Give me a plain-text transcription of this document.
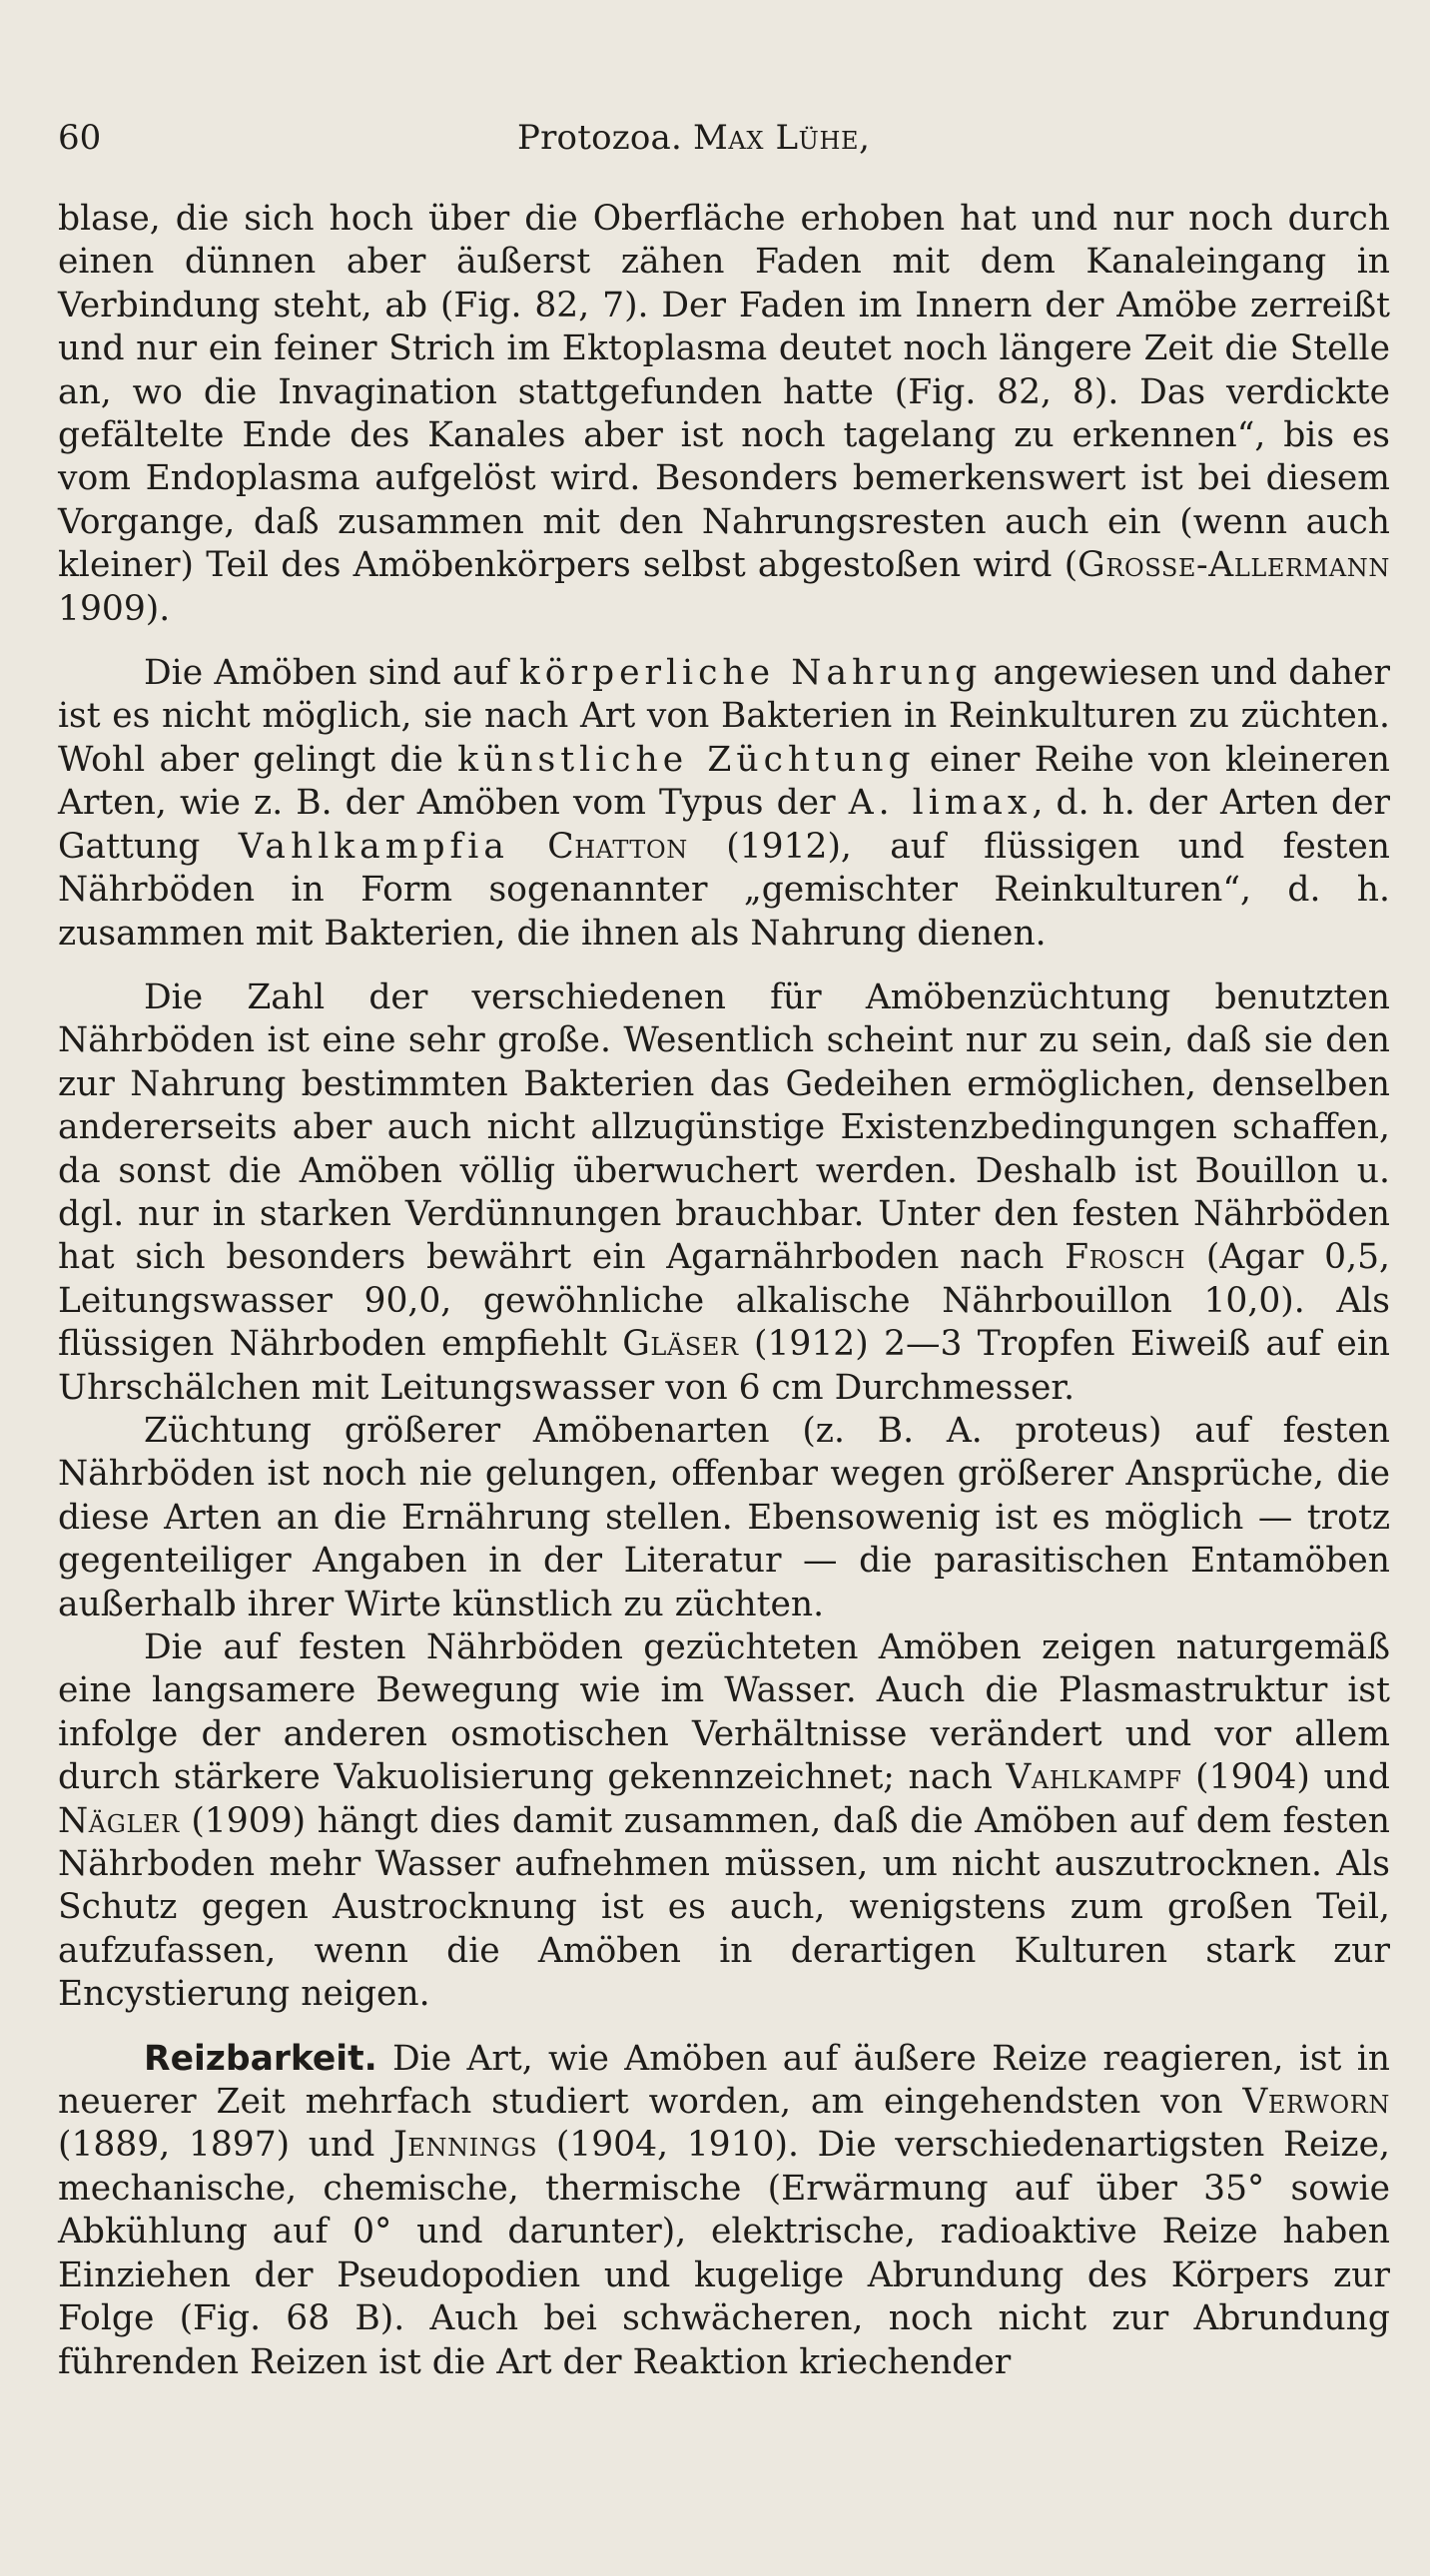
60	Protozoa. Max Lühe,

blase, die sich hoch über die Oberfläche erhoben hat und nur noch durch einen dünnen aber äußerst zähen Faden mit dem Kanaleingang in Verbindung steht, ab (Fig. 82, 7). Der Faden im Innern der Amöbe zerreißt und nur ein feiner Strich im Ektoplasma deutet noch längere Zeit die Stelle an, wo die Invagination stattgefunden hatte (Fig. 82, 8). Das verdickte gefältelte Ende des Kanales aber ist noch tagelang zu erkennen“, bis es vom Endoplasma aufgelöst wird. Besonders bemerkenswert ist bei diesem Vorgange, daß zusammen mit den Nahrungsresten auch ein (wenn auch kleiner) Teil des Amöbenkörpers selbst abgestoßen wird (Grosse-Allermann 1909).

Die Amöben sind auf körperliche Nahrung angewiesen und daher ist es nicht möglich, sie nach Art von Bakterien in Reinkulturen zu züchten. Wohl aber gelingt die künstliche Züchtung einer Reihe von kleineren Arten, wie z. B. der Amöben vom Typus der A. limax, d. h. der Arten der Gattung Vahlkampfia Chatton (1912), auf flüssigen und festen Nährböden in Form sogenannter „gemischter Reinkulturen“, d. h. zusammen mit Bakterien, die ihnen als Nahrung dienen.

Die Zahl der verschiedenen für Amöbenzüchtung benutzten Nährböden ist eine sehr große. Wesentlich scheint nur zu sein, daß sie den zur Nahrung bestimmten Bakterien das Gedeihen ermöglichen, denselben andererseits aber auch nicht allzugünstige Existenzbedingungen schaffen, da sonst die Amöben völlig überwuchert werden. Deshalb ist Bouillon u. dgl. nur in starken Verdünnungen brauchbar. Unter den festen Nährböden hat sich besonders bewährt ein Agarnährboden nach Frosch (Agar 0,5, Leitungswasser 90,0, gewöhnliche alkalische Nährbouillon 10,0). Als flüssigen Nährboden empfiehlt Gläser (1912) 2—3 Tropfen Eiweiß auf ein Uhrschälchen mit Leitungswasser von 6 cm Durchmesser.

Züchtung größerer Amöbenarten (z. B. A. proteus) auf festen Nährböden ist noch nie gelungen, offenbar wegen größerer Ansprüche, die diese Arten an die Ernährung stellen. Ebensowenig ist es möglich — trotz gegenteiliger Angaben in der Literatur — die parasitischen Entamöben außerhalb ihrer Wirte künstlich zu züchten.

Die auf festen Nährböden gezüchteten Amöben zeigen naturgemäß eine langsamere Bewegung wie im Wasser. Auch die Plasmastruktur ist infolge der anderen osmotischen Verhältnisse verändert und vor allem durch stärkere Vakuolisierung gekennzeichnet; nach Vahlkampf (1904) und Nägler (1909) hängt dies damit zusammen, daß die Amöben auf dem festen Nährboden mehr Wasser aufnehmen müssen, um nicht auszutrocknen. Als Schutz gegen Austrocknung ist es auch, wenigstens zum großen Teil, aufzufassen, wenn die Amöben in derartigen Kulturen stark zur Encystierung neigen.

Reizbarkeit. Die Art, wie Amöben auf äußere Reize reagieren, ist in neuerer Zeit mehrfach studiert worden, am eingehendsten von Verworn (1889, 1897) und Jennings (1904, 1910). Die verschiedenartigsten Reize, mechanische, chemische, thermische (Erwärmung auf über 35° sowie Abkühlung auf 0° und darunter), elektrische, radioaktive Reize haben Einziehen der Pseudopodien und kugelige Abrundung des Körpers zur Folge (Fig. 68 B). Auch bei schwächeren, noch nicht zur Abrundung führenden Reizen ist die Art der Reaktion kriechender
